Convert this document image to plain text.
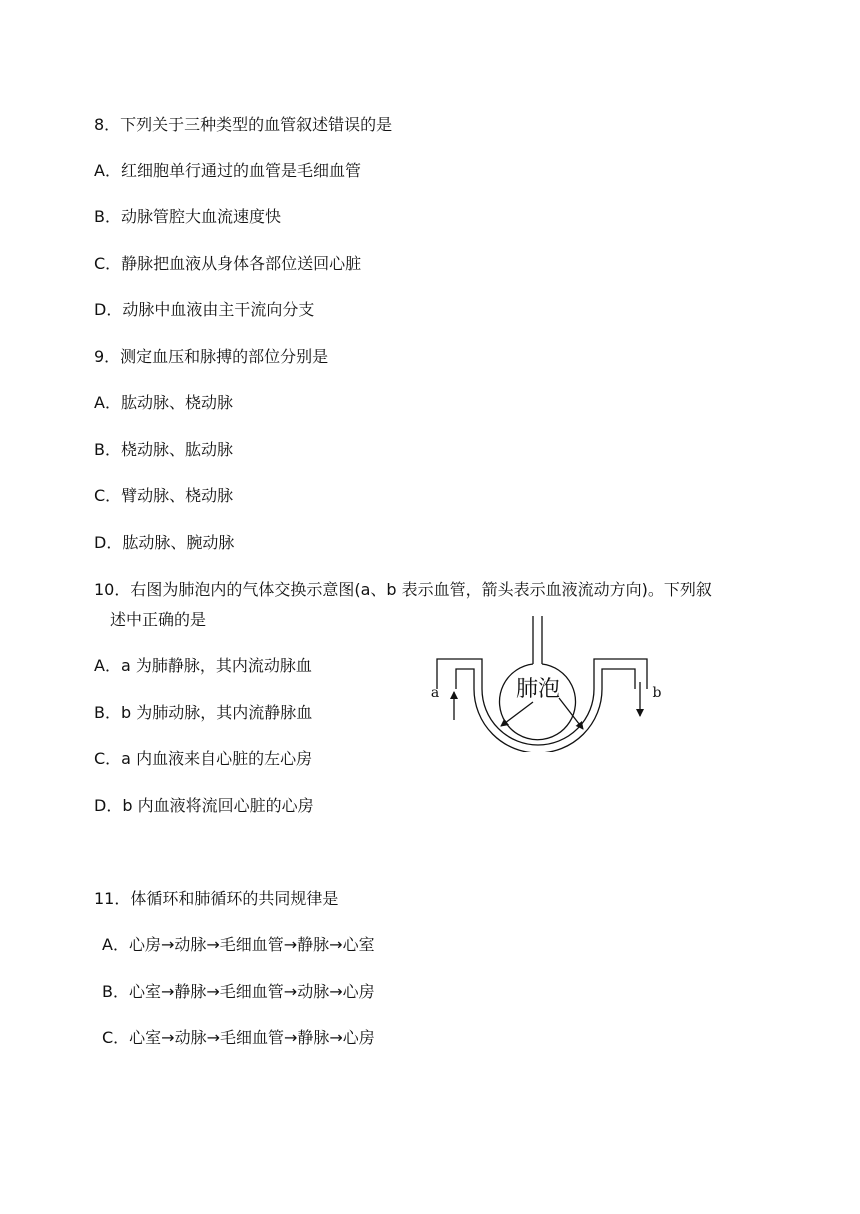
8．下列关于三种类型的血管叙述错误的是
A．红细胞单行通过的血管是毛细血管
B．动脉管腔大血流速度快
C．静脉把血液从身体各部位送回心脏
D．动脉中血液由主干流向分支
9．测定血压和脉搏的部位分别是
A．肱动脉、桡动脉
B．桡动脉、肱动脉
C．臂动脉、桡动脉
D．肱动脉、腕动脉
10．右图为肺泡内的气体交换示意图(a、b 表示血管，箭头表示血液流动方向)。下列叙
述中正确的是
A．a 为肺静脉，其内流动脉血
B．b 为肺动脉，其内流静脉血
C．a 内血液来自心脏的左心房
D．b 内血液将流回心脏的心房
肺泡
a	b
11．体循环和肺循环的共同规律是
A．心房→动脉→毛细血管→静脉→心室
B．心室→静脉→毛细血管→动脉→心房
C．心室→动脉→毛细血管→静脉→心房
